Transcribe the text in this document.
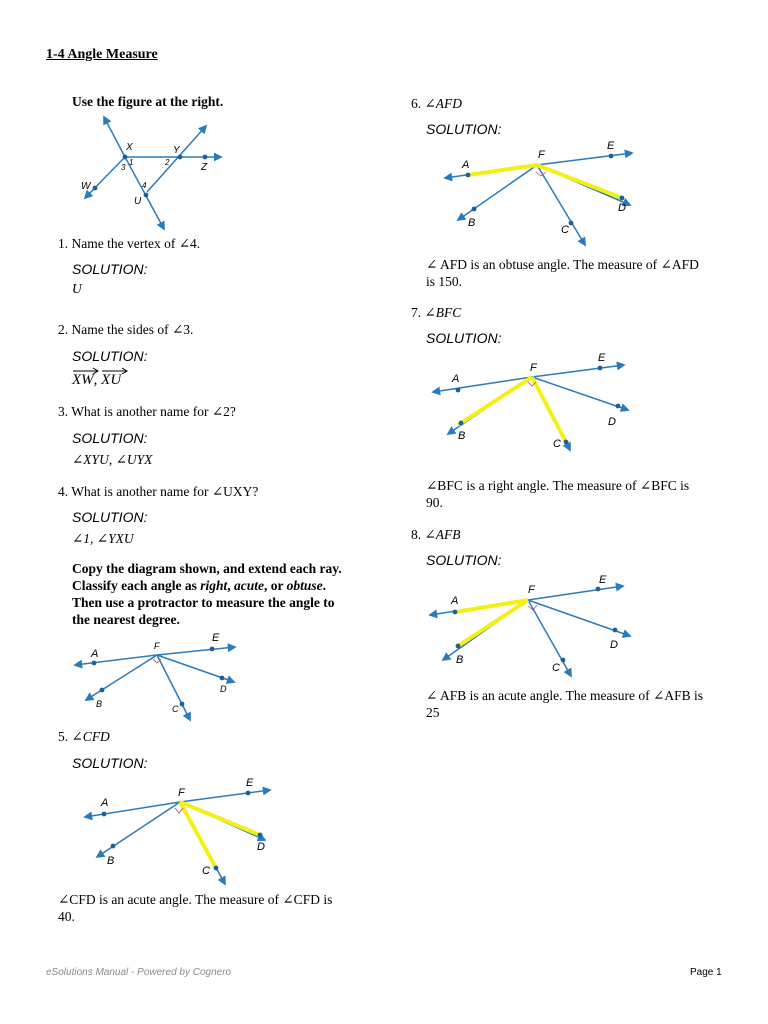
1-4 Angle Measure
Use the figure at the right.
X	Y
Z
W
U
1	2
3
4
1. Name the vertex of ∠4.
SOLUTION:
U
2. Name the sides of ∠3.
SOLUTION:
XW,
XU
3. What is another name for ∠2?
SOLUTION:
∠XYU, ∠UYX
4. What is another name for ∠UXY?
SOLUTION:
∠1, ∠YXU
Copy the diagram shown, and extend each ray.
Classify each angle as right, acute, or obtuse.
Then use a protractor to measure the angle to
the nearest degree.
A
E
F
B	C
D
5. ∠CFD
SOLUTION:
A
E
F
B
C
D
∠CFD is an acute angle. The measure of ∠CFD is
40.
6. ∠AFD
SOLUTION:
A
E
F
B
C
D
∠ AFD is an obtuse angle. The measure of ∠AFD
is 150.
7. ∠BFC
SOLUTION:
A
E
F
B
C
D
∠BFC is a right angle. The measure of ∠BFC is
90.
8. ∠AFB
SOLUTION:
A
E
F
B
C
D
∠ AFB is an acute angle. The measure of ∠AFB is
25
eSolutions Manual - Powered by Cognero	Page 1
